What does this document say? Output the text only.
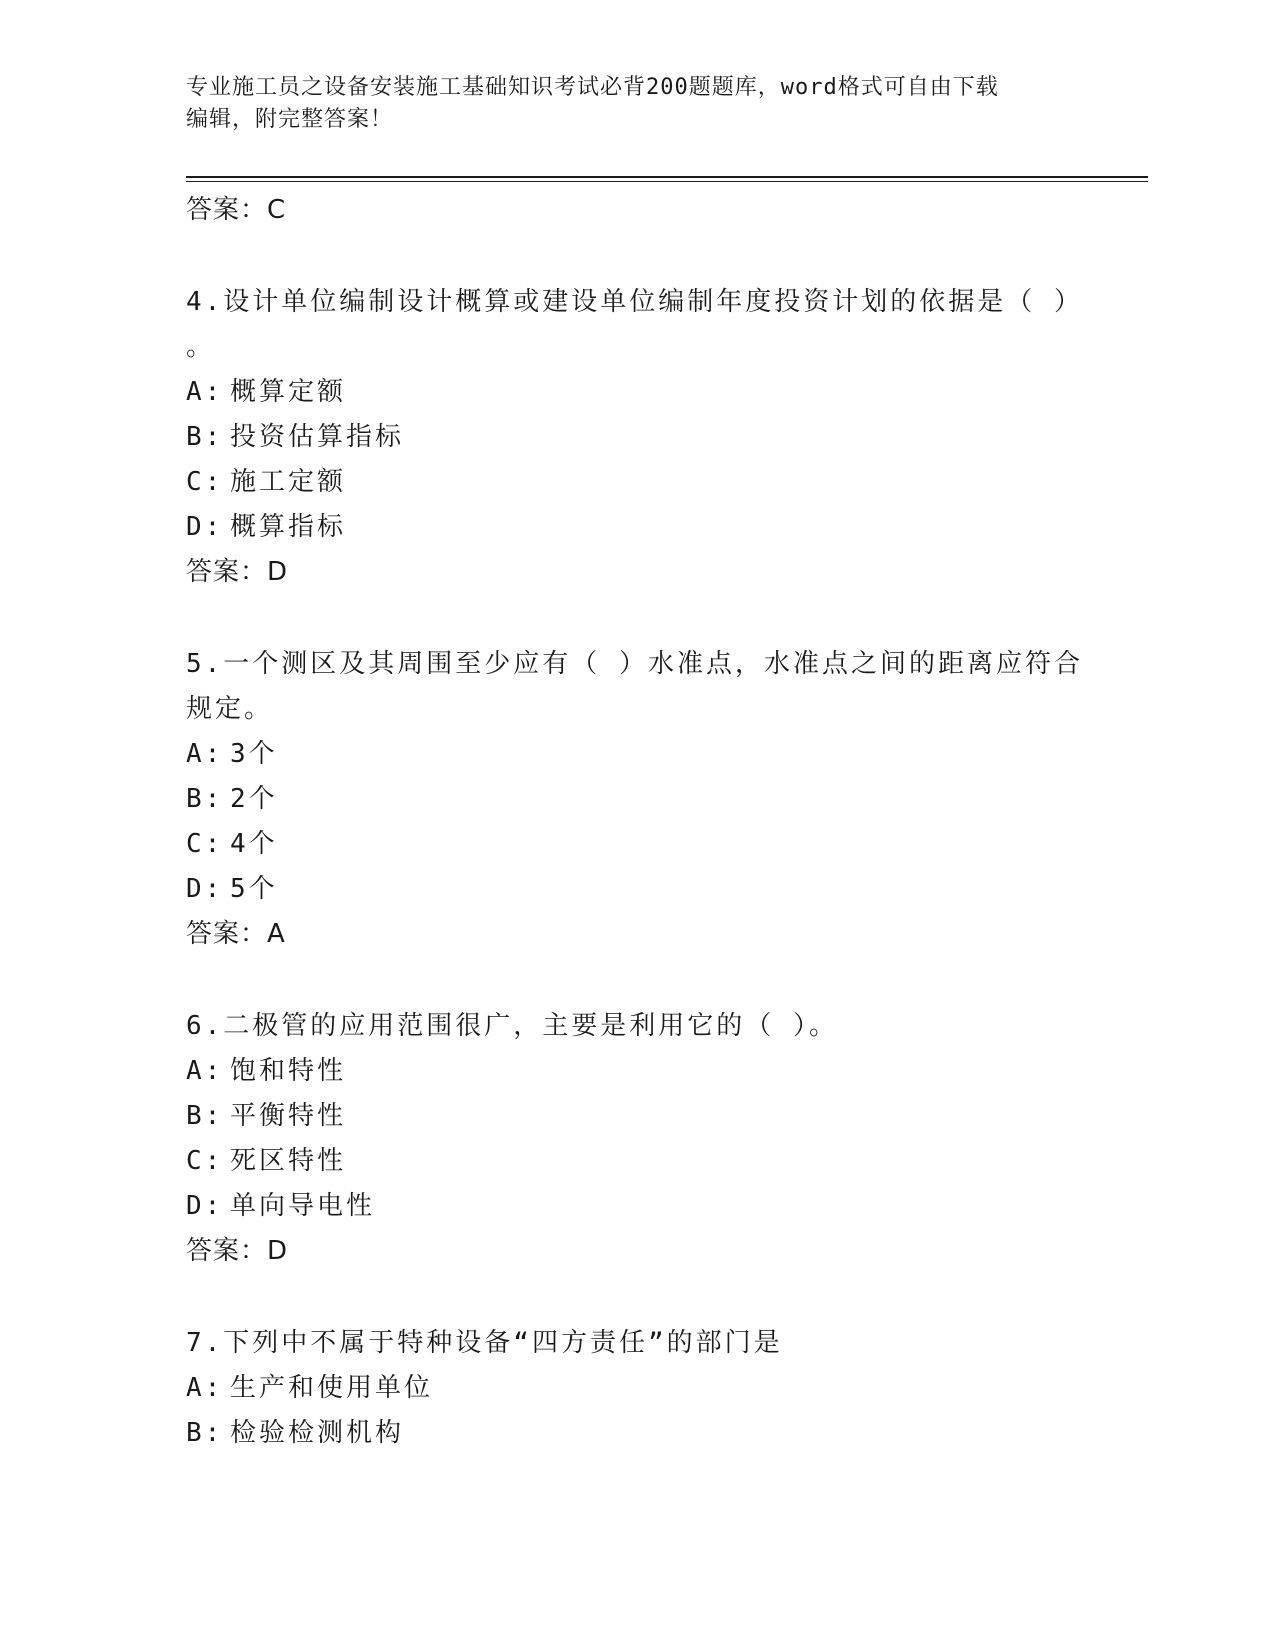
专业施工员之设备安装施工基础知识考试必背200题题库，word格式可自由下载
编辑，附完整答案！
答案：C
4.设计单位编制设计概算或建设单位编制年度投资计划的依据是（ ）
。
A: 概算定额
B: 投资估算指标
C: 施工定额
D: 概算指标
答案：D
5.一个测区及其周围至少应有（ ）水准点，水准点之间的距离应符合
规定。
A: 3个
B: 2个
C: 4个
D: 5个
答案：A
6.二极管的应用范围很广，主要是利用它的（ ）。
A: 饱和特性
B: 平衡特性
C: 死区特性
D: 单向导电性
答案：D
7.下列中不属于特种设备“四方责任”的部门是
A: 生产和使用单位
B: 检验检测机构
